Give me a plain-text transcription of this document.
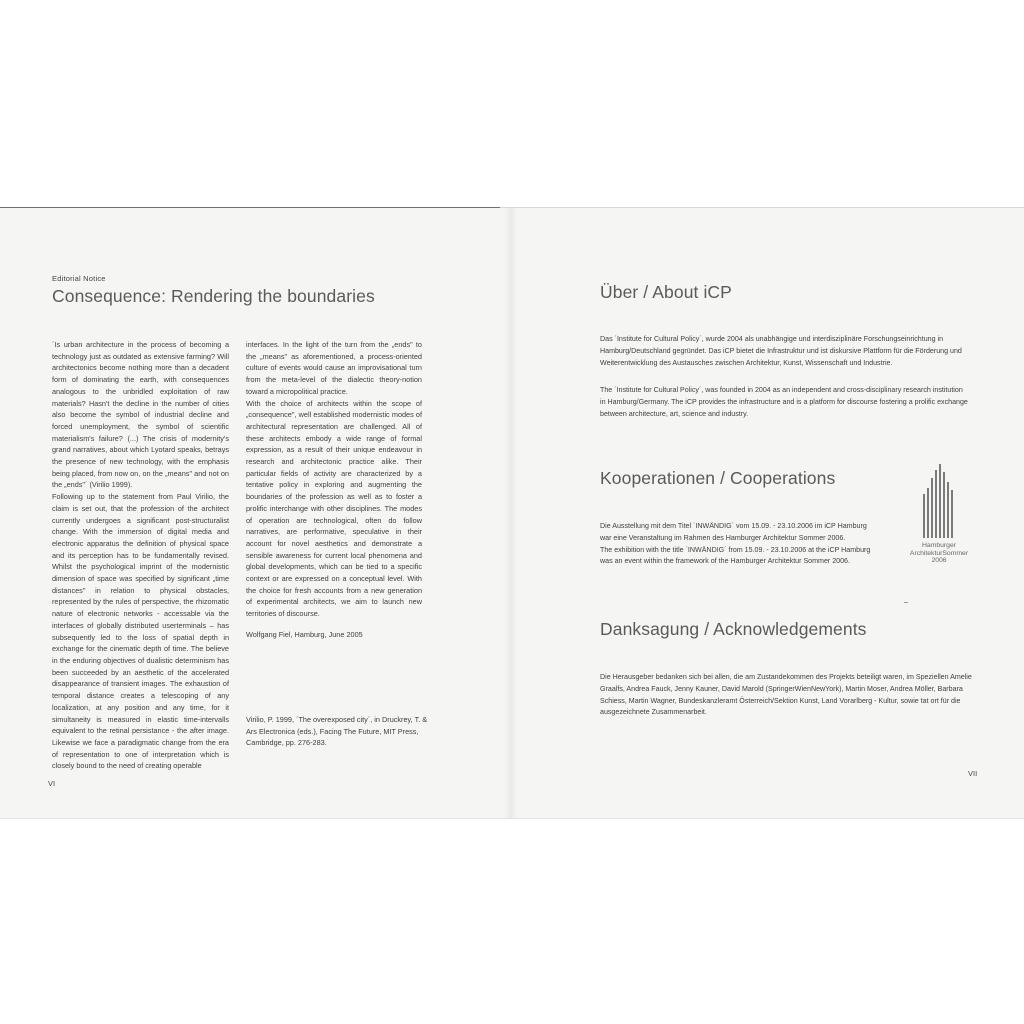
Editorial Notice
Consequence: Rendering the boundaries

´Is urban architecture in the process of becoming a technology just as outdated as extensive farming? Will architectonics become nothing more than a decadent form of dominating the earth, with consequences analogous to the unbridled exploitation of raw materials? Hasn't the decline in the number of cities also become the symbol of industrial decline and forced unemployment, the symbol of scientific materialism's failure? (...) The crisis of modernity's grand narratives, about which Lyotard speaks, betrays the presence of new technology, with the emphasis being placed, from now on, on the „means" and not on the „ends"´ (Virilio 1999).

Following up to the statement from Paul Virilio, the claim is set out, that the profession of the architect currently undergoes a significant post-structuralist change. With the immersion of digital media and electronic apparatus the definition of physical space and its perception has to be fundamentally revised. Whilst the psychological imprint of the modernistic dimension of space was specified by significant „time distances" in relation to physical obstacles, represented by the rules of perspective, the rhizomatic nature of electronic networks - accessable via the interfaces of globally distributed userterminals – has subsequently led to the loss of spatial depth in exchange for the cinematic depth of time. The believe in the enduring objectives of dualistic determinism has been succeeded by an aesthetic of the accelerated disappearance of transient images. The exhaustion of temporal distance creates a telescoping of any localization, at any position and any time, for it simultaneity is measured in elastic time-intervalls equivalent to the retinal persistance - the after image. Likewise we face a paradigmatic change from the era of representation to one of interpretation which is closely bound to the need of creating operable

interfaces. In the light of the turn from the „ends" to the „means" as aforementioned, a process-oriented culture of events would cause an improvisational turn from the meta-level of the dialectic theory-notion toward a micropolitical practice.

With the choice of architects within the scope of „consequence", well established modernistic modes of architectural representation are challenged. All of these architects embody a wide range of formal expression, as a result of their unique endeavour in research and architectonic practice alike. Their particular fields of activity are characterized by a tentative policy in exploring and augmenting the boundaries of the profession as well as to foster a prolific interchange with other disciplines. The modes of operation are technological, often do follow narratives, are performative, speculative in their account for novel aesthetics and demonstrate a sensible awareness for current local phenomena and global developments, which can be tied to a specific context or are expressed on a conceptual level. With the choice for fresh accounts from a new generation of experimental architects, we aim to launch new territories of discourse.

Wolfgang Fiel, Hamburg, June 2005

Virilio, P. 1999, ´The overexposed city´, in Druckrey, T. & Ars Electronica (eds.), Facing The Future, MIT Press, Cambridge, pp. 276-283.
VI
Über / About iCP
Das ´Institute for Cultural Policy´, wurde 2004 als unabhängige und interdisziplinäre Forschungseinrichtung in Hamburg/Deutschland gegründet. Das iCP bietet die Infrastruktur und ist diskursive Plattform für die Förderung und Weiterentwicklung des Austausches zwischen Architektur, Kunst, Wissenschaft und Industrie.
The ´Institute for Cultural Policy´, was founded in 2004 as an independent and cross-disciplinary research institution in Hamburg/Germany. The iCP provides the infrastructure and is a platform for discourse fostering a prolific exchange between architecture, art, science and industry.
Kooperationen / Cooperations
Die Ausstellung mit dem Titel ´INWÄNDIG´ vom 15.09. - 23.10.2006 im iCP Hamburg
war eine Veranstaltung im Rahmen des Hamburger Architektur Sommer 2006.
The exhibition with the title ´INWÄNDIG´ from 15.09. - 23.10.2006 at the iCP Hamburg
was an event within the framework of the Hamburger Architektur Sommer 2006.
Hamburger
ArchitekturSommer
2006
Danksagung / Acknowledgements
Die Herausgeber bedanken sich bei allen, die am Zustandekommen des Projekts beteiligt waren, im Speziellen Amelie Graalfs, Andrea Fauck, Jenny Kauner, David Marold (SpringerWienNewYork), Martin Moser, Andrea Möller, Barbara Schiess, Martin Wagner, Bundeskanzleramt Österreich/Sektion Kunst, Land Vorarlberg - Kultur, sowie tat ort für die ausgezeichnete Zusammenarbeit.
VII
